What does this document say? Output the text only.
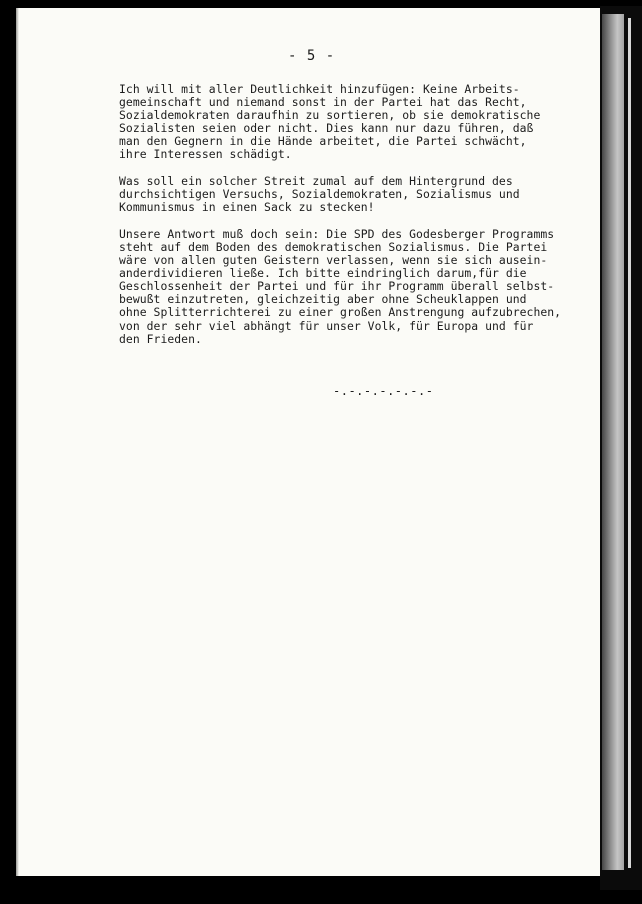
- 5 -

Ich will mit aller Deutlichkeit hinzufügen: Keine Arbeits-
gemeinschaft und niemand sonst in der Partei hat das Recht,
Sozialdemokraten daraufhin zu sortieren, ob sie demokratische
Sozialisten seien oder nicht. Dies kann nur dazu führen, daß
man den Gegnern in die Hände arbeitet, die Partei schwächt,
ihre Interessen schädigt.

Was soll ein solcher Streit zumal auf dem Hintergrund des
durchsichtigen Versuchs, Sozialdemokraten, Sozialismus und
Kommunismus in einen Sack zu stecken!

Unsere Antwort muß doch sein: Die SPD des Godesberger Programms
steht auf dem Boden des demokratischen Sozialismus. Die Partei
wäre von allen guten Geistern verlassen, wenn sie sich ausein-
anderdividieren ließe. Ich bitte eindringlich darum,für die
Geschlossenheit der Partei und für ihr Programm überall selbst-
bewußt einzutreten, gleichzeitig aber ohne Scheuklappen und
ohne Splitterrichterei zu einer großen Anstrengung aufzubrechen,
von der sehr viel abhängt für unser Volk, für Europa und für
den Frieden.

-.-.-.-.-.-.-
